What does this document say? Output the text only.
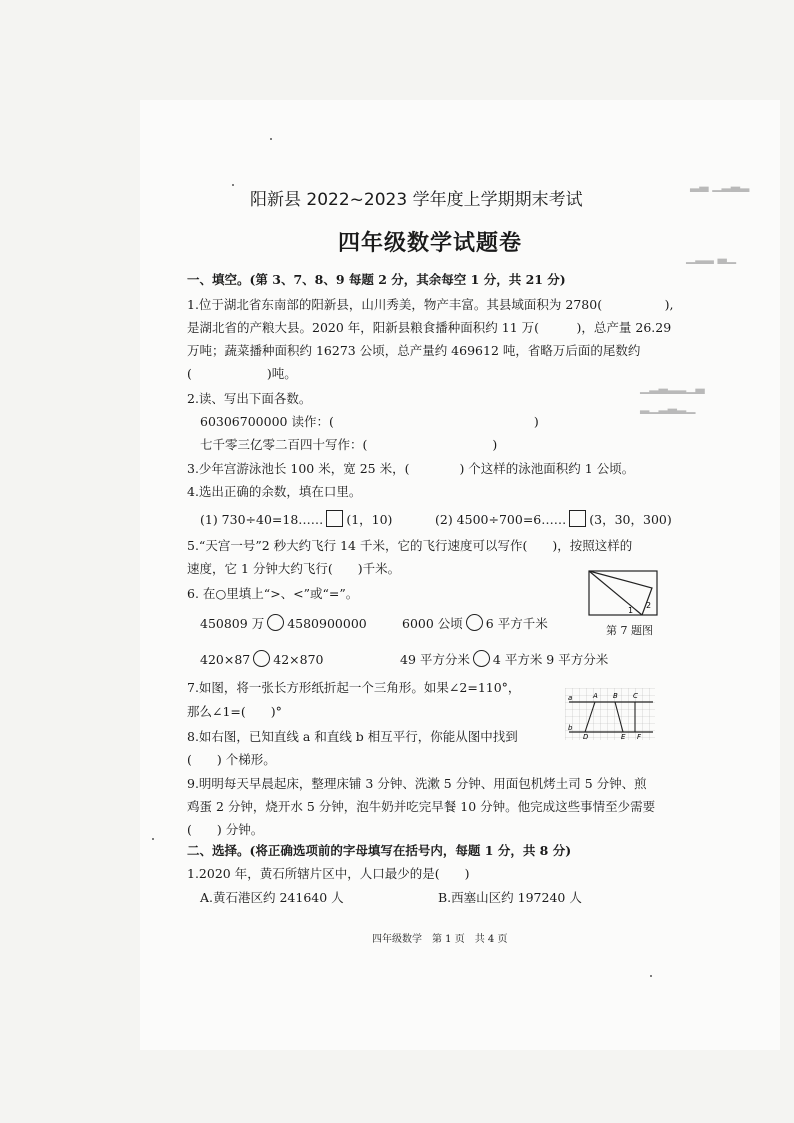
▂▃ ▁▂▃▂
▁▂▂ ▃▁
▁▂▃▂▂▁▃
▂▁▂▃▂▁
阳新县 2022~2023 学年度上学期期末考试
四年级数学试题卷
一、填空。(第 3、7、8、9 每题 2 分，其余每空 1 分，共 21 分)
1.位于湖北省东南部的阳新县，山川秀美，物产丰富。其县域面积为 2780(　　　　　),
是湖北省的产粮大县。2020 年，阳新县粮食播种面积约 11 万(　　　)，总产量 26.29
万吨；蔬菜播种面积约 16273 公顷，总产量约 469612 吨，省略万后面的尾数约
(　　　　　　)吨。
2.读、写出下面各数。
60306700000 读作：(　　　　　　　　　　　　　　　　)
七千零三亿零二百四十写作：(　　　　　　　　　　)
3.少年宫游泳池长 100 米，宽 25 米，(　　　　) 个这样的泳池面积约 1 公顷。
4.选出正确的余数，填在口里。
(1) 730÷40=18…… (1，10)	(2) 4500÷700=6…… (3，30，300)
5.“天宫一号”2 秒大约飞行 14 千米，它的飞行速度可以写作(　　)，按照这样的
速度，它 1 分钟大约飞行(　　)千米。
6. 在○里填上“>、<”或“=”。
450809 万 4580900000	6000 公顷 6 平方千米
420×87 42×870	49 平方分米 4 平方米 9 平方分米
1
2
第 7 题图
7.如图，将一张长方形纸折起一个三角形。如果∠2=110°，
那么∠1=(　　)°
8.如右图，已知直线 a 和直线 b 相互平行，你能从图中找到
(　　) 个梯形。
a
b
A B C
D	E F
9.明明每天早晨起床，整理床铺 3 分钟、洗漱 5 分钟、用面包机烤土司 5 分钟、煎
鸡蛋 2 分钟，烧开水 5 分钟，泡牛奶并吃完早餐 10 分钟。他完成这些事情至少需要
(　　) 分钟。
二、选择。(将正确选项前的字母填写在括号内，每题 1 分，共 8 分)
1.2020 年，黄石所辖片区中，人口最少的是(　　)
A.黄石港区约 241640 人	B.西塞山区约 197240 人
四年级数学　第 1 页　共 4 页
